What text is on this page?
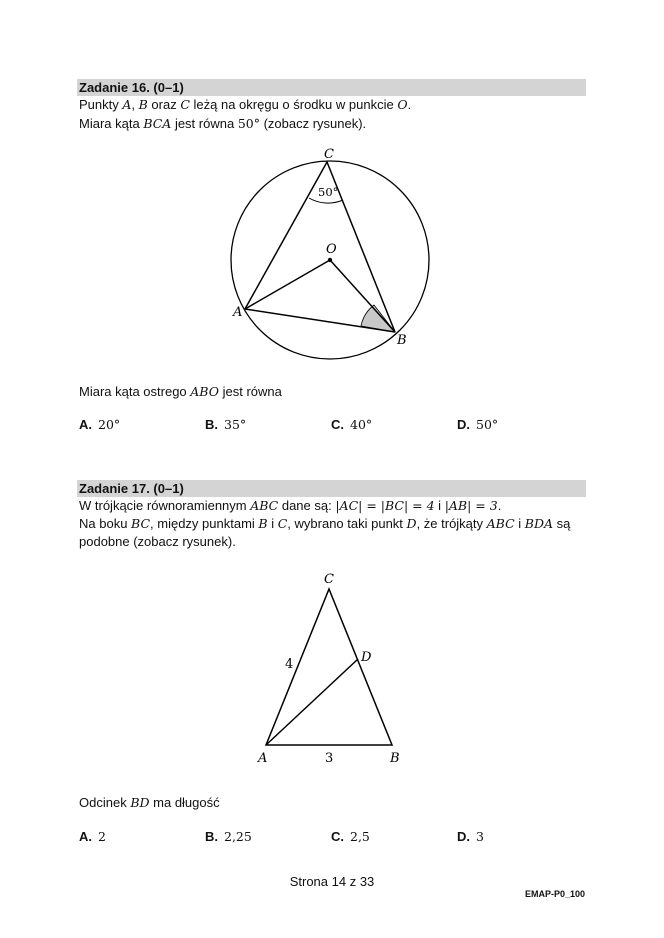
Zadanie 16. (0–1)
Punkty A, B oraz C leżą na okręgu o środku w punkcie O.
Miara kąta BCA jest równa 50° (zobacz rysunek).
C
O
A
B
50°
Miara kąta ostrego ABO jest równa
A. 20°	B. 35°	C. 40°	D. 50°
Zadanie 17. (0–1)
W trójkącie równoramiennym ABC dane są: |AC| = |BC| = 4 i |AB| = 3.
Na boku BC, między punktami B i C, wybrano taki punkt D, że trójkąty ABC i BDA są
podobne (zobacz rysunek).
C
D
A	B
4
3
Odcinek BD ma długość
A. 2	B. 2,25	C. 2,5	D. 3
Strona 14 z 33
EMAP-P0_100
